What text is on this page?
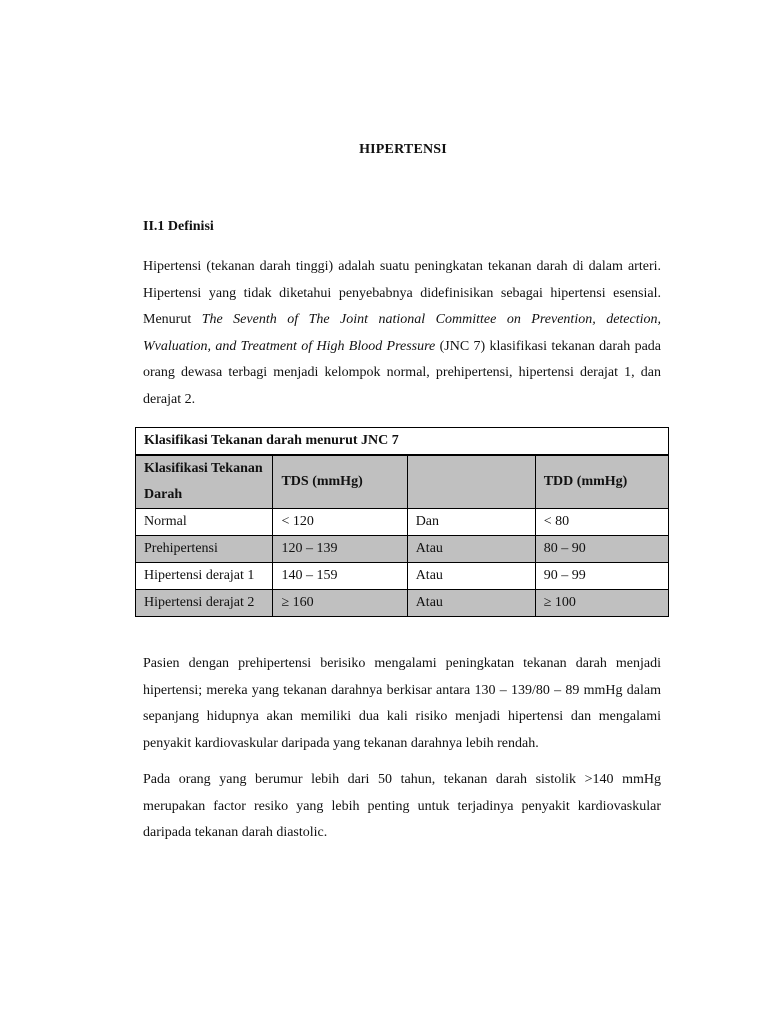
HIPERTENSI
II.1 Definisi

Hipertensi (tekanan darah tinggi) adalah suatu peningkatan tekanan darah di dalam arteri. Hipertensi yang tidak diketahui penyebabnya didefinisikan sebagai hipertensi esensial. Menurut The Seventh of The Joint national Committee on Prevention, detection, Wvaluation, and Treatment of High Blood Pressure (JNC 7) klasifikasi tekanan darah pada orang dewasa terbagi menjadi kelompok normal, prehipertensi, hipertensi derajat 1, dan derajat 2.

Klasifikasi Tekanan darah menurut JNC 7			
Klasifikasi Tekanan Darah	TDS (mmHg)		TDD (mmHg)
Normal	< 120	Dan	< 80
Prehipertensi	120 – 139	Atau	80 – 90
Hipertensi derajat 1	140 – 159	Atau	90 – 99
Hipertensi derajat 2	≥ 160	Atau	≥ 100

Pasien dengan prehipertensi berisiko mengalami peningkatan tekanan darah menjadi hipertensi; mereka yang tekanan darahnya berkisar antara 130 – 139/80 – 89 mmHg dalam sepanjang hidupnya akan memiliki dua kali risiko menjadi hipertensi dan mengalami penyakit kardiovaskular daripada yang tekanan darahnya lebih rendah.

Pada orang yang berumur lebih dari 50 tahun, tekanan darah sistolik >140 mmHg merupakan factor resiko yang lebih penting untuk terjadinya penyakit kardiovaskular daripada tekanan darah diastolic.
